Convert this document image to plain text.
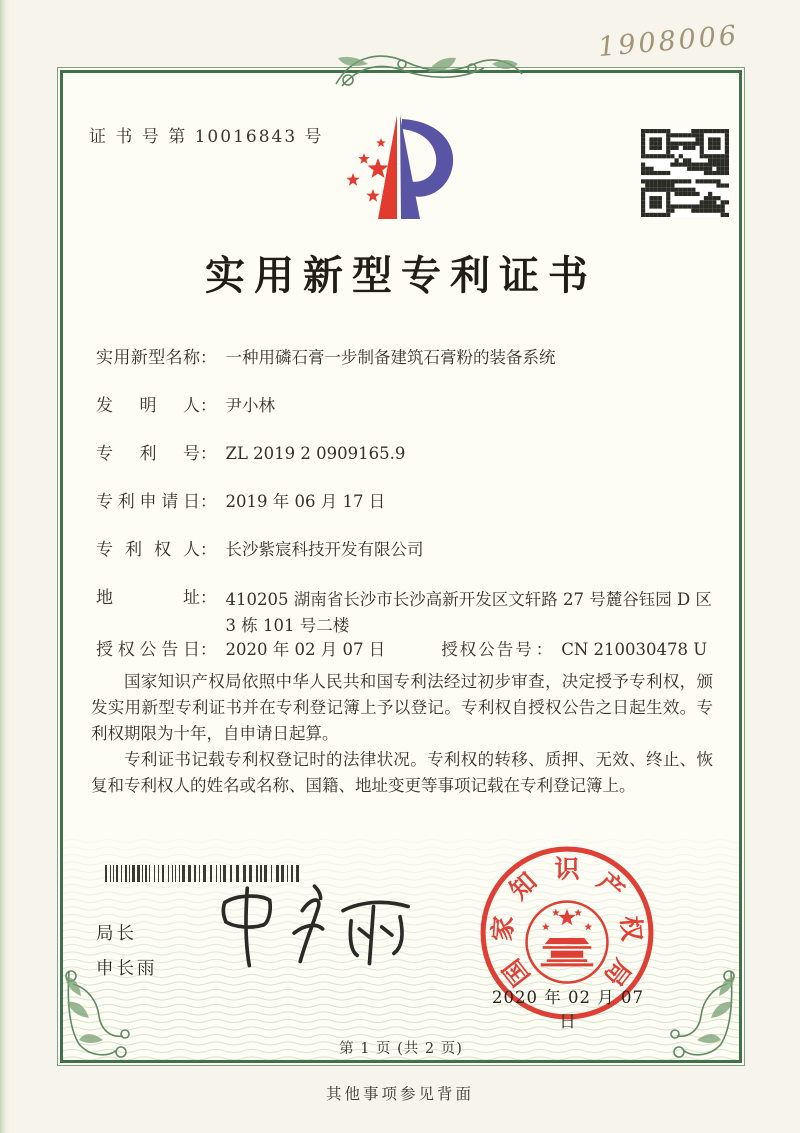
1908006
证 书 号 第 10016843 号
实用新型专利证书
实用新型名称 ： 一种用磷石膏一步制备建筑石膏粉的装备系统
发明人 ： 尹小林
专利号 ： ZL 2019 2 0909165.9
专利申请日 ： 2019 年 06 月 17 日
专利权人 ： 长沙紫宸科技开发有限公司
地址 ： 410205 湖南省长沙市长沙高新开发区文轩路 27 号麓谷钰园 D 区 3 栋 101 号二楼
授权公告日 ： 2020 年 02 月 07 日	授权公告号 ： CN 210030478 U

国家知识产权局依照中华人民共和国专利法经过初步审查，决定授予专利权，颁发实用新型专利证书并在专利登记簿上予以登记。专利权自授权公告之日起生效。专利权期限为十年，自申请日起算。

专利证书记载专利权登记时的法律状况。专利权的转移、质押、无效、终止、恢复和专利权人的姓名或名称、国籍、地址变更等事项记载在专利登记簿上。

局长
申长雨	国
家
知 识 产
权
局
2020 年 02 月 07 日
第 1 页 (共 2 页)
其他事项参见背面
